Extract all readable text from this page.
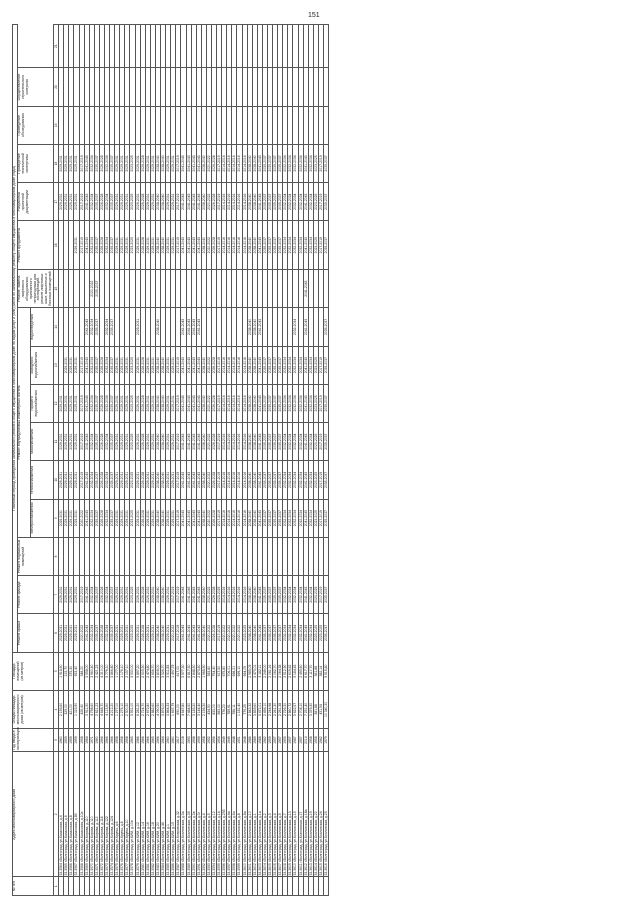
151
№ п/п	Адрес многоквартирного дома	Год ввода в эксплуатацию	Общая площадь многоквартирного дома (кв.метров)	Площадь помещений (кв.метров)	Плановый период проведения капитального ремонта общего имущества в многоквартирном доме по видам услуг и (или) работ по капитальному ремонту общего имущества в многоквартирном доме (годы)															
					Ремонт крыши	Ремонт фасада	Ремонт подвальных помещений	Ремонт внутридомовых инженерных систем						Ремонт, замена лифтового оборудования, признанного непригодным для эксплуатации, ремонт лифтовых шахт, машинных и блочных помещений	Ремонт фундамента	Разработка проектной документации	Проведение технической экспертизы	Проведение обследования	Осуществление строительного контроля	
								электроснабжения	теплоснабжения	газоснабжения	горячего водоснабжения	холодного водоснабжения	водоотведения							
1	2	3	4	5	6	7	8	9	10	11	12	13	14	15	16	17	18	19	20	21
	33.3564 г.Волгоград, ул.Казахская, д.4	1960	2 193,60	1 918,50	2029-2031	2029-2031		2029-2031	2029-2031	2029-2031	2029-2031					2029-2031	2029-2031			
	33.3565 г.Волгоград, ул.Казахская, д.6	1959	329,00	215,70	2029-2031	2029-2031		2029-2031	2029-2031	2029-2031	2029-2031	2029-2031				2029-2031	2029-2031			
	33.3566 г.Волгоград, ул.Казахская, д.8	1959	421,00	375,30	2029-2031	2029-2031		2029-2031	2029-2031	2029-2031	2029-2031	2029-2031				2029-2031	2029-2031			
	33.3567 г.Волгоград, ул.Казахская, д.8б	1959	1 023,90	923,40	2029-2031	2029-2031		2029-2031	2029-2031	2029-2031	2029-2031	2029-2031			2029-2031	2029-2031	2029-2031			
	33.3568 г.Волгоград, ул.Казахская, д.10а	1958	426,40	348,20	2020-2022	2017-2019		2020-2022	2017-2019	2017-2019	2017-2019	2017-2019			2017-2019	2017-2019	2017-2019			
	33.3569 г.Волгоград, ул.Кирова, д.110	1964	3 911,50	3 558,00	2041-2043	2041-2043		2041-2043	2041-2043	2041-2043	2041-2043	2041-2043	2041-2043		2041-2043	2041-2043	2041-2043			
	33.3570 г.Волгоград, ул.Кирова, д.110	1971	4 798,60	3 960,40	2032-2034	2032-2034		2032-2034	2032-2034	2032-2034	2032-2034	2032-2034	2032-2034	2020-2022	2032-2034	2032-2034	2032-2034			
	33.3571 г.Волгоград, ул.Кирова, д.112	1960	2 621,23	2 421,23	2035-2037	2035-2037		2035-2037	2035-2037	2035-2037	2035-2037	2035-2037	2035-2037	2035-2037	2035-2037	2035-2037	2035-2037			
	33.3572 г.Волгоград, ул.Кирова, д.118	1966	4 648,70	4 310,00	2026-2028	2026-2028		2026-2028	2026-2028	2026-2028	2026-2028	2026-2028			2026-2028	2026-2028	2026-2028			
	33.3573 г.Волгоград, ул.Кирова, д.122	1966	4 113,60	3 776,10	2032-2034	2032-2034		2032-2034	2032-2034	2032-2034	2032-2034	2032-2034	2032-2034		2032-2034	2032-2034	2032-2034			
	33.3574 г.Волгоград, ул.Кирова, д.124	1966	4 212,20	3 866,80	2035-2037	2035-2037		2035-2037	2035-2037	2035-2037	2035-2037	2035-2037	2035-2037		2035-2037	2035-2037	2035-2037			
	33.3575 г.Волгоград, ул.Крупы, д.6	1958	1 277,00	1 177,00	2029-2031	2029-2031		2029-2031	2029-2031	2029-2031	2029-2031	2029-2031			2029-2031	2029-2031	2029-2031			
	33.3576 г.Волгоград, ул.Крупы, д.8	1958	1 276,10	1 176,10	2029-2031	2029-2031		2029-2031	2029-2031	2029-2031	2029-2031	2029-2031			2029-2031	2029-2031	2029-2031			
	33.3577 г.Волгоград, ул.Крупы, д.10	1958	2 300,30	2 157,10	2029-2031	2029-2031		2029-2031	2029-2031	2029-2031	2029-2031	2029-2031			2029-2031	2029-2031	2029-2031			
	33.3578 г.Волгоград, ул.КИМ, д.10в	1965	3 931,00	3 530,00	2023-2025	2023-2025		2023-2025	2023-2025	2023-2025	2023-2025	2023-2025			2023-2025	2023-2025	2023-2025			
	33.3579 г.Волгоград, ул.КИМ, д.12	1986	6 281,20	5 897,20	2029-2031	2029-2031		2029-2031	2029-2031	2029-2031	2029-2031	2029-2031	2029-2031		2029-2031	2029-2031	2029-2031			
	33.3580 г.Волгоград, ул.КИМ, д.14	1966	2 724,70	2 505,50	2026-2028	2026-2028		2026-2028	2026-2028	2026-2028	2026-2028	2026-2028			2026-2028	2026-2028	2026-2028			
	33.3581 г.Волгоград, ул.КИМ, д.16	1966	2 672,80	2 474,80	2029-2031	2029-2031		2029-2031	2029-2031	2029-2031	2029-2031	2029-2031			2029-2031	2029-2031	2029-2031			
	33.3582 г.Волгоград, ул.КИМ, д.18	1965	2 882,60	2 656,70	2029-2031	2029-2031		2029-2031	2029-2031	2029-2031	2029-2031	2029-2031			2029-2031	2029-2031	2029-2031			
	33.3583 г.Волгоград, ул.КИМ, д.20	1966	4 090,90	3 808,00	2038-2040	2038-2040		2038-2040	2038-2040	2038-2040	2038-2040	2038-2040	2038-2040		2038-2040	2038-2040	2038-2040			
	33.3584 г.Волгоград, ул.КИМ, д.46	1964	3 876,00	3 526,70	2038-2040	2038-2040		2038-2040	2038-2040	2038-2040	2038-2040	2038-2040			2038-2040	2038-2040	2038-2040			
	33.3585 г.Волгоград, ул.КИМ, д.1	1960	3 864,33	3 511,83	2029-2031	2029-2031		2029-2031	2029-2031	2029-2031	2029-2031	2029-2031			2029-2031	2029-2031	2029-2031			
	33.3586 г.Волгоград, ул.КИМ, д.15	1960	1 697,79	1 497,79	2020-2022	2017-2019		2029-2031	2029-2031	2029-2031	2029-2031	2029-2031			2029-2031	2029-2031	2029-2031			
	33.3587 г.Волгоград, ул.Ковровская, д.32	1917	690,00	617,00	2017-2019	2017-2019		2017-2019	2017-2019	2017-2019	2017-2019	2017-2019			2017-2019	2017-2019	2017-2019			
	33.3588 г.Волгоград, ул.Козловская, д.3а	2008	4 647,80	3 977,30	2041-2043	2041-2043		2041-2043	2041-2043	2041-2043	2041-2043	2041-2043	2041-2043		2041-2043	2041-2043	2041-2043			
	33.3589 г.Волгоград, ул.Козловская, д.3б	1993	7 484,50	6 817,50	2041-2043	2041-2043		2041-2043	2041-2043	2041-2043	2041-2043	2041-2043	2041-2043		2041-2043	2041-2043	2041-2043			
	33.3590 г.Волгоград, ул.Козловская, д.3в	1998	3 183,20	2 848,50	2041-2043	2041-2043		2041-2043	2041-2043	2041-2043	2041-2043	2041-2043	2041-2043		2041-2043	2041-2043	2041-2043			
	33.3591 г.Волгоград, ул.Козловская, д.3г	1999	3 144,40	2 873,60	2041-2043	2041-2043		2041-2043	2041-2043	2041-2043	2041-2043	2041-2043	2041-2043		2041-2043	2041-2043	2041-2043			
	33.3592 г.Волгоград, ул.Козловская, д.4	1958	2 156,30	1 968,90	2038-2040	2038-2040		2038-2040	2038-2040	2038-2040	2038-2040	2038-2040			2038-2040	2038-2040	2038-2040			
	33.3593 г.Волгоград, ул.Козловская, д.5	1952	434,50	393,80	2020-2022	2020-2022		2020-2022	2020-2022	2020-2022	2020-2022	2020-2022			2020-2022	2020-2022	2020-2022			
	33.3594 г.Волгоград, ул.Козловская, д.12	1956	833,00	754,40	2026-2028	2026-2028		2026-2028	2026-2028	2026-2028	2026-2028	2026-2028			2026-2028	2026-2028	2026-2028			
	33.3595 г.Волгоград, ул.Козловская, д.14	1954	583,00	517,50	2017-2019	2023-2025		2017-2019	2017-2019	2017-2019	2017-2019	2017-2019			2017-2019	2017-2019	2017-2019			
	33.3596 г.Волгоград, ул.Козловская, д.25б	1949	776,20	675,80	2020-2022	2014-2016		2014-2016	2014-2016	2014-2016	2014-2016	2014-2016			2014-2016	2014-2016	2014-2016			
	33.3597 г.Волгоград, ул.Козловская, д.4а	1949	789,91	706,01	2020-2022	2014-2016		2014-2016	2014-2016	2014-2016	2014-2016	2014-2016			2014-2016	2014-2016	2014-2016			
	33.3598 г.Волгоград, ул.Козловская, д.6а	1948	786,11	698,21	2020-2022	2014-2016		2014-2016	2014-2016	2014-2016	2014-2016	2014-2016			2014-2016	2014-2016	2014-2016			
	33.3599 г.Волгоград, ул.Козловская, д.8	1951	1 181,40	699,10	2020-2022	2014-2016		2014-2016	2014-2016	2014-2016	2014-2016	2014-2016			2014-2016	2014-2016	2014-2016			
	33.3600 г.Волгоград, ул.Козловская, д.8а	1948	779,25	694,05	2023-2025	2014-2016		2014-2016	2014-2016	2014-2016	2014-2016	2014-2016			2014-2016	2014-2016	2014-2016			
	33.3601 г.Волгоград, ул.Козловская, д.10	1986	2 843,32	2 585,09	2038-2040	2038-2040		2038-2040	2038-2040	2038-2040	2038-2040	2038-2040	2038-2040		2038-2040	2038-2040	2038-2040			
	33.3602 г.Волгоград, ул.Козловская, д.1	1989	3 839,60	3 473,01	2038-2040	2038-2040		2038-2040	2038-2040	2038-2040	2038-2040	2038-2040	2038-2040		2038-2040	2038-2040	2038-2040			
	33.3603 г.Волгоград, ул.Козловская, д.1а	1988	3 472,01	3 182,11	2041-2043	2041-2043		2041-2043	2041-2043	2041-2043	2041-2043	2041-2043	2041-2043		2041-2043	2041-2043	2041-2043			
	33.3604 г.Волгоград, ул.Козловская, д.2	1962	2 456,10	2 249,00	2035-2037	2035-2037		2035-2037	2035-2037	2035-2037	2035-2037	2035-2037			2035-2037	2035-2037	2035-2037			
	33.3605 г.Волгоград, ул.Козловская, д.3	1959	2 244,98	2 061,16	2035-2037	2035-2037		2035-2037	2035-2037	2035-2037	2035-2037	2035-2037			2035-2037	2035-2037	2035-2037			
	33.3606 г.Волгоград, ул.Козловская, д.4	1957	2 261,30	2 062,70	2035-2037	2035-2037		2035-2037	2035-2037	2035-2037	2035-2037	2035-2037			2035-2037	2035-2037	2035-2037			
	33.3607 г.Волгоград, ул.Козловская, д.5	1957	2 261,38	2 064,38	2035-2037	2035-2037		2035-2037	2035-2037	2035-2037	2035-2037	2035-2037			2035-2037	2035-2037	2035-2037			
	33.3608 г.Волгоград, ул.Козловская, д.7	1955	2 726,30	2 512,90	2032-2034	2032-2034		2032-2034	2032-2034	2032-2034	2032-2034	2032-2034			2032-2034	2032-2034	2032-2034			
	33.3609 г.Волгоград, ул.Козловская, д.13	1957	2 860,72	2 609,62	2032-2034	2032-2034		2032-2034	2032-2034	2032-2034	2032-2034	2032-2034			2032-2034	2032-2034	2032-2034			
	33.3610 г.Волгоград, ул.Козловская, д.15	1987	5 622,57	5 184,43	2032-2034	2032-2034		2032-2034	2032-2034	2032-2034	2032-2034	2032-2034	2032-2034		2032-2034	2032-2034	2032-2034			
	33.3611 г.Волгоград, ул.Козловская, д.17	1957	2 708,10	2 495,60	2032-2034	2032-2034		2032-2034	2032-2034	2032-2034	2032-2034	2032-2034			2032-2034	2032-2034	2032-2034			
	33.3612 г.Волгоград, ул.Козловская, д.18а	2014	7 251,40	6 617,70	2041-2043	2041-2043		2041-2043	2041-2043	2041-2043	2041-2043	2041-2043	2041-2043	2041-2043	2041-2043	2041-2043	2041-2043			
	33.3613 г.Волгоград, ул.Козловская, д.19	1958	3 379,30	3 117,70	2032-2034	2032-2034		2032-2034	2032-2034	2032-2034	2032-2034	2032-2034			2032-2034	2032-2034	2032-2034			
	33.3614 г.Волгоград, ул.Козловская, д.22	1958	381,88	361,88	2023-2025	2023-2025		2023-2025	2023-2025	2023-2025	2023-2025	2023-2025			2023-2025	2023-2025	2023-2025			
	33.3615 г.Волгоград, ул.Козловская, д.24	1962	431,54	382,14	2023-2025	2017-2019		2017-2019	2017-2019	2017-2019	2017-2019	2017-2019			2017-2019	2017-2019	2017-2019			
	33.3616 г.Волгоград, ул.Козловская, д.25	1979	10 340,30	9 515,80	2035-2037	2035-2037		2035-2037	2035-2037	2035-2037	2035-2037	2035-2037	2035-2037		2035-2037	2035-2037	2035-2037			
